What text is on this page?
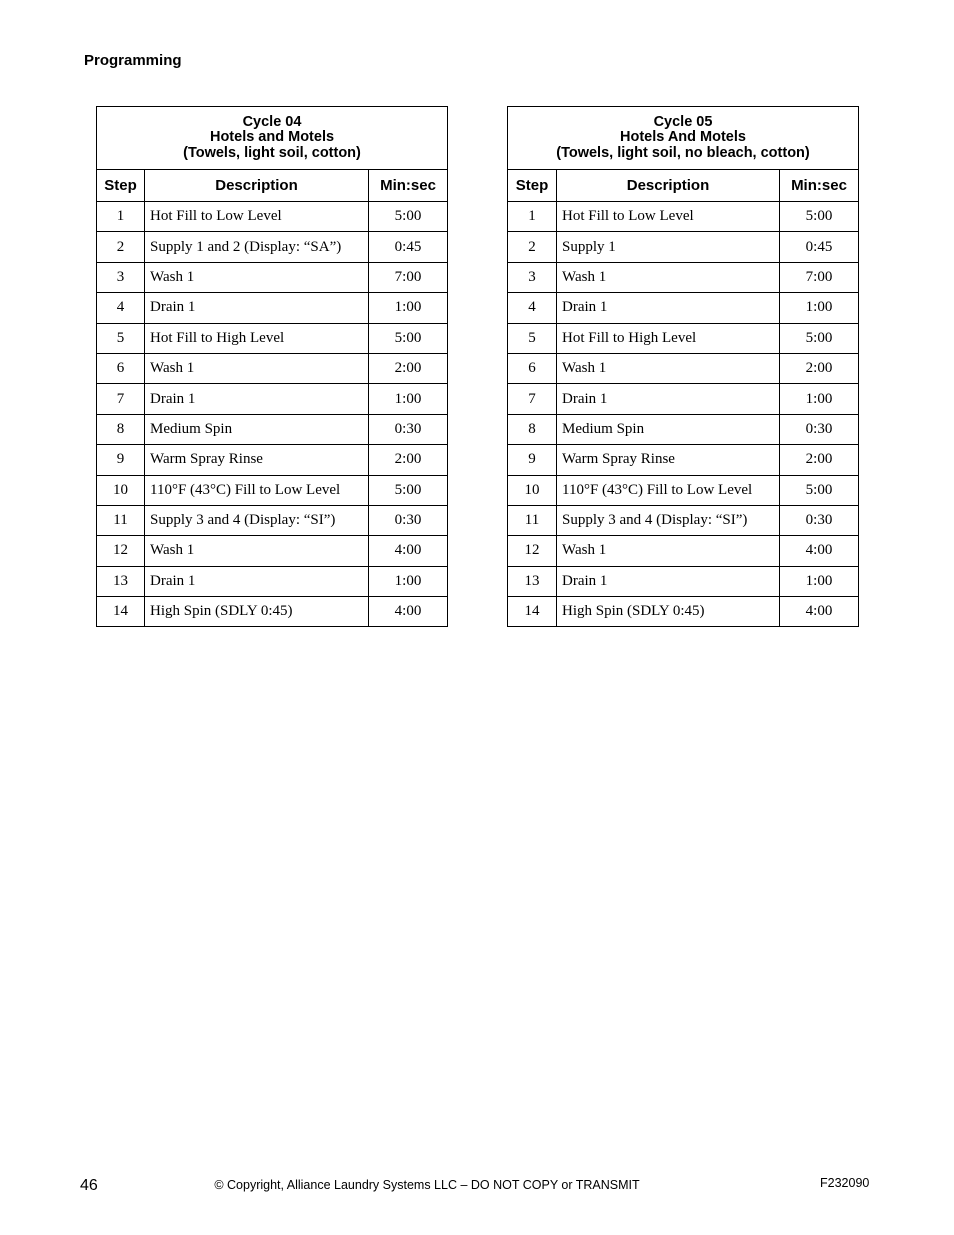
Programming
Cycle 04
Hotels and Motels
(Towels, light soil, cotton)		

Step	Description	Min:sec
1	Hot Fill to Low Level	5:00
2	Supply 1 and 2 (Display: “SA”)	0:45
3	Wash 1	7:00
4	Drain 1	1:00
5	Hot Fill to High Level	5:00
6	Wash 1	2:00
7	Drain 1	1:00
8	Medium Spin	0:30
9	Warm Spray Rinse	2:00
10	110°F (43°C) Fill to Low Level	5:00
11	Supply 3 and 4 (Display: “SI”)	0:30
12	Wash 1	4:00
13	Drain 1	1:00
14	High Spin (SDLY 0:45)	4:00
Cycle 05
Hotels And Motels
(Towels, light soil, no bleach, cotton)		

Step	Description	Min:sec
1	Hot Fill to Low Level	5:00
2	Supply 1	0:45
3	Wash 1	7:00
4	Drain 1	1:00
5	Hot Fill to High Level	5:00
6	Wash 1	2:00
7	Drain 1	1:00
8	Medium Spin	0:30
9	Warm Spray Rinse	2:00
10	110°F (43°C) Fill to Low Level	5:00
11	Supply 3 and 4 (Display: “SI”)	0:30
12	Wash 1	4:00
13	Drain 1	1:00
14	High Spin (SDLY 0:45)	4:00
46	© Copyright, Alliance Laundry Systems LLC – DO NOT COPY or TRANSMIT	F232090
